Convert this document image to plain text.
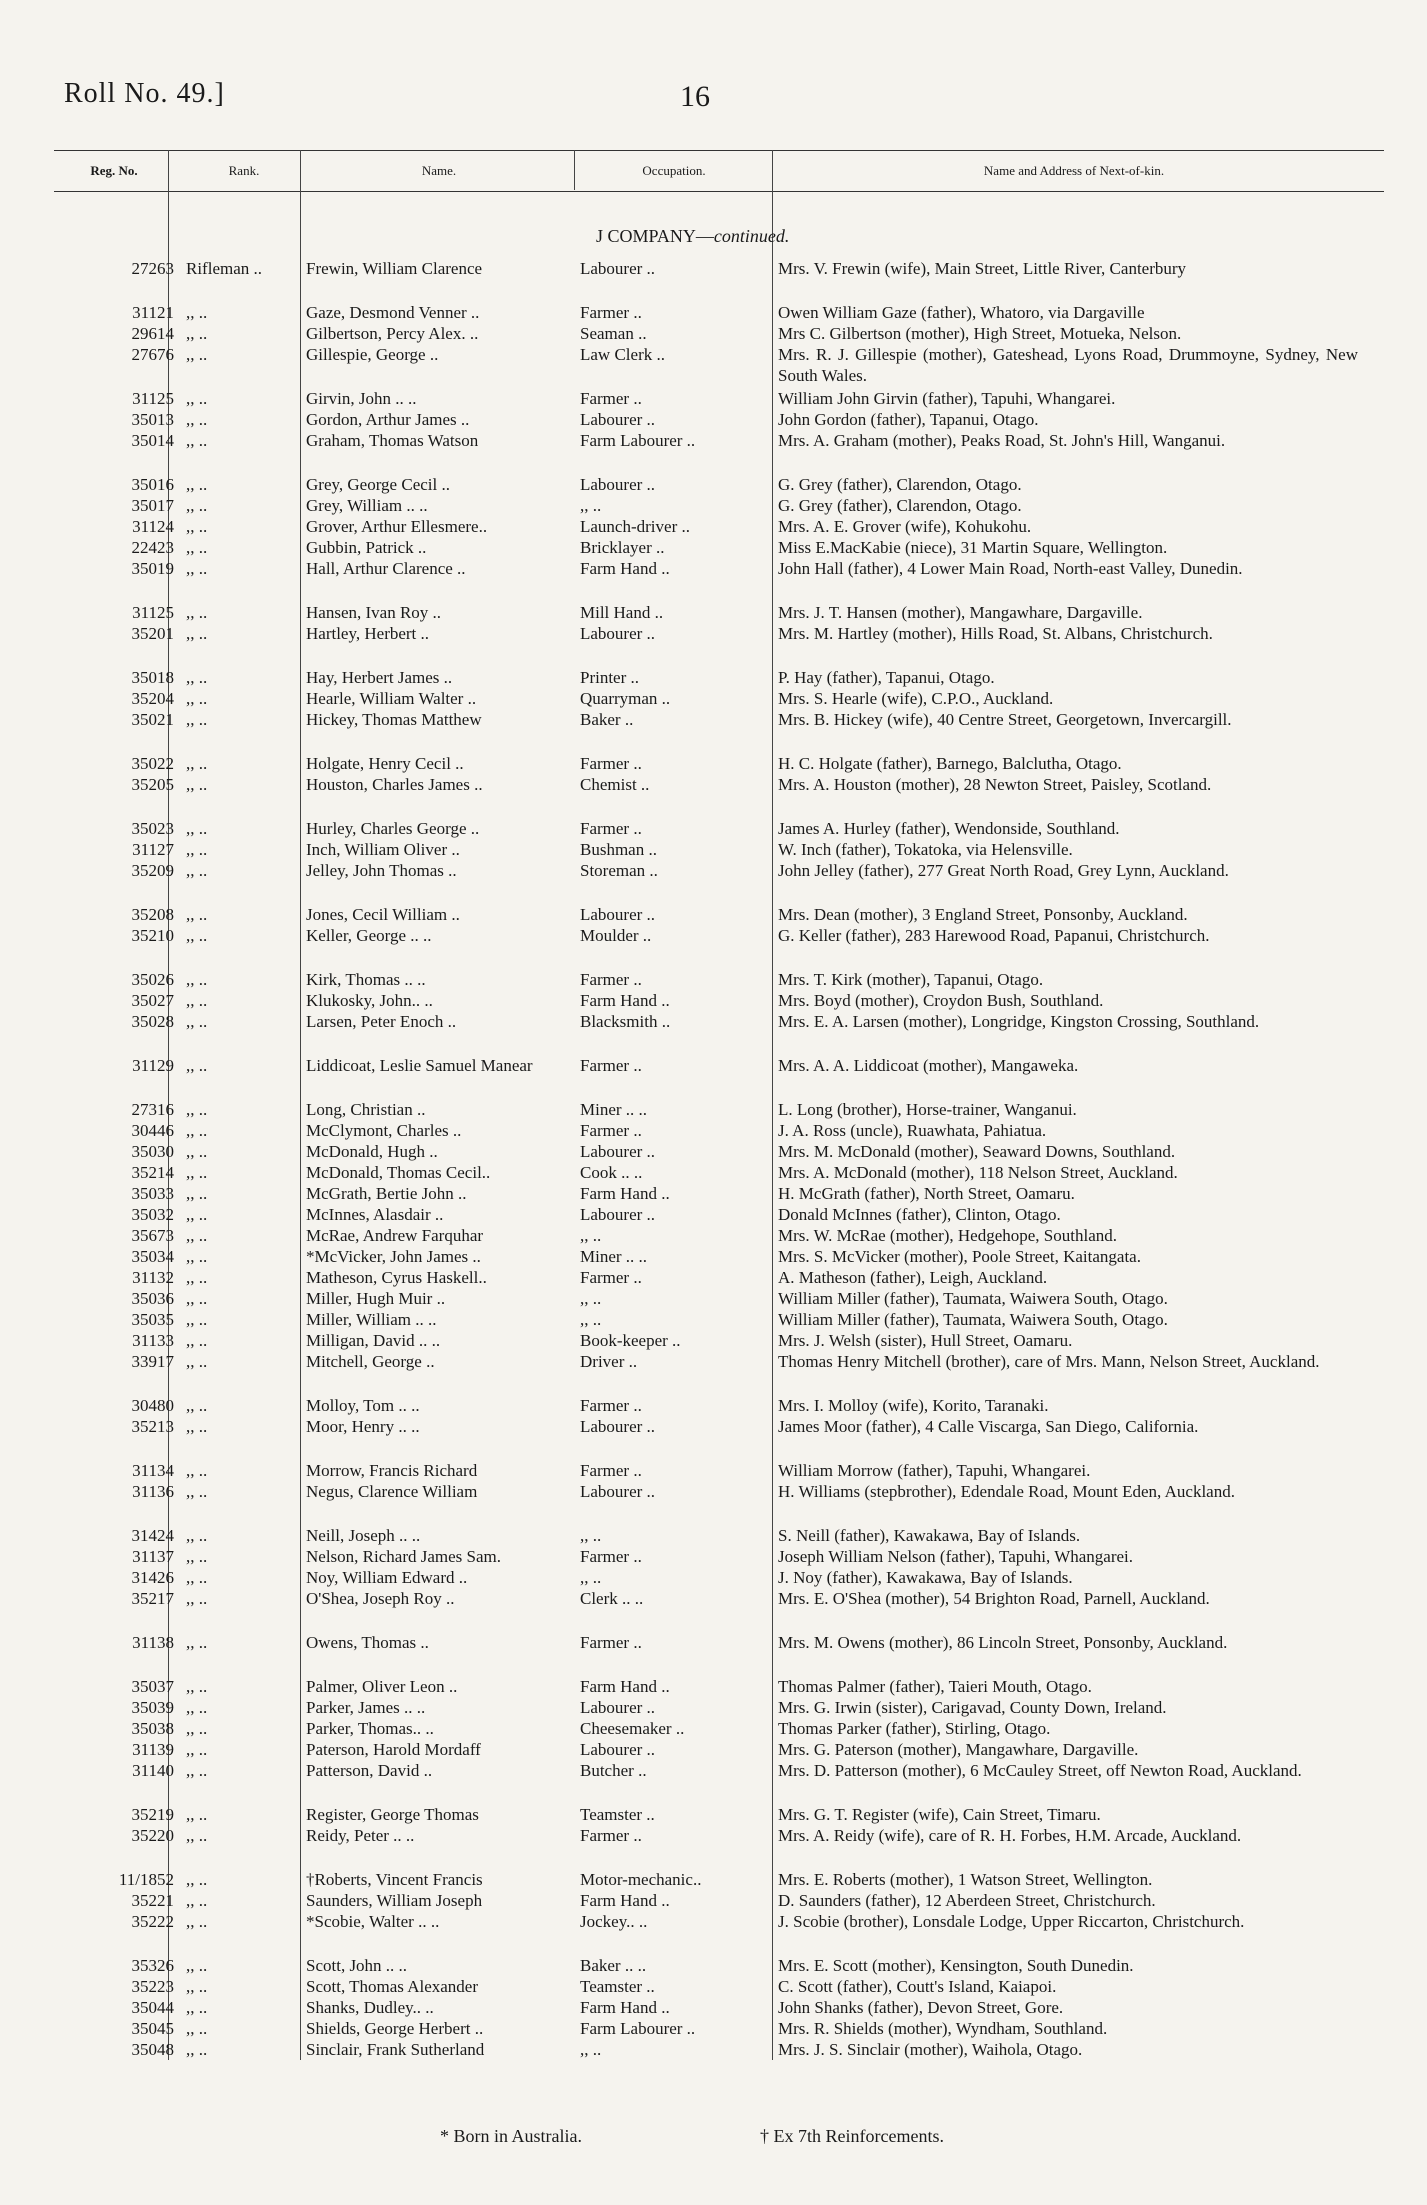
Roll No. 49.]	16
Reg. No.	Rank.	Name.	Occupation.	Name and Address of Next-of-kin.
J COMPANY—continued.
27263 Rifleman ..	Frewin, William Clarence	Labourer ..	Mrs. V. Frewin (wife), Main Street, Little River, Canterbury
31121 ,, ..	Gaze, Desmond Venner ..	Farmer ..	Owen William Gaze (father), Whatoro, via Dargaville
29614 ,, ..	Gilbertson, Percy Alex. ..	Seaman ..	Mrs C. Gilbertson (mother), High Street, Motueka, Nelson.
27676 ,, ..	Gillespie, George ..	Law Clerk ..	Mrs. R. J. Gillespie (mother), Gateshead, Lyons Road, Drummoyne, Sydney, New South Wales.
31125 ,, ..	Girvin, John .. ..	Farmer ..	William John Girvin (father), Tapuhi, Whangarei.
35013 ,, ..	Gordon, Arthur James ..	Labourer ..	John Gordon (father), Tapanui, Otago.
35014 ,, ..	Graham, Thomas Watson	Farm Labourer ..	Mrs. A. Graham (mother), Peaks Road, St. John's Hill, Wanganui.
35016 ,, ..	Grey, George Cecil ..	Labourer ..	G. Grey (father), Clarendon, Otago.
35017 ,, ..	Grey, William .. ..	,, ..	G. Grey (father), Clarendon, Otago.
31124 ,, ..	Grover, Arthur Ellesmere..	Launch-driver ..	Mrs. A. E. Grover (wife), Kohukohu.
22423 ,, ..	Gubbin, Patrick ..	Bricklayer ..	Miss E.MacKabie (niece), 31 Martin Square, Wellington.
35019 ,, ..	Hall, Arthur Clarence ..	Farm Hand ..	John Hall (father), 4 Lower Main Road, North-east Valley, Dunedin.
31125 ,, ..	Hansen, Ivan Roy ..	Mill Hand ..	Mrs. J. T. Hansen (mother), Mangawhare, Dargaville.
35201 ,, ..	Hartley, Herbert ..	Labourer ..	Mrs. M. Hartley (mother), Hills Road, St. Albans, Christchurch.
35018 ,, ..	Hay, Herbert James ..	Printer ..	P. Hay (father), Tapanui, Otago.
35204 ,, ..	Hearle, William Walter ..	Quarryman ..	Mrs. S. Hearle (wife), C.P.O., Auckland.
35021 ,, ..	Hickey, Thomas Matthew	Baker ..	Mrs. B. Hickey (wife), 40 Centre Street, Georgetown, Invercargill.
35022 ,, ..	Holgate, Henry Cecil ..	Farmer ..	H. C. Holgate (father), Barnego, Balclutha, Otago.
35205 ,, ..	Houston, Charles James ..	Chemist ..	Mrs. A. Houston (mother), 28 Newton Street, Paisley, Scotland.
35023 ,, ..	Hurley, Charles George ..	Farmer ..	James A. Hurley (father), Wendonside, Southland.
31127 ,, ..	Inch, William Oliver ..	Bushman ..	W. Inch (father), Tokatoka, via Helensville.
35209 ,, ..	Jelley, John Thomas ..	Storeman ..	John Jelley (father), 277 Great North Road, Grey Lynn, Auckland.
35208 ,, ..	Jones, Cecil William ..	Labourer ..	Mrs. Dean (mother), 3 England Street, Ponsonby, Auckland.
35210 ,, ..	Keller, George .. ..	Moulder ..	G. Keller (father), 283 Harewood Road, Papanui, Christchurch.
35026 ,, ..	Kirk, Thomas .. ..	Farmer ..	Mrs. T. Kirk (mother), Tapanui, Otago.
35027 ,, ..	Klukosky, John.. ..	Farm Hand ..	Mrs. Boyd (mother), Croydon Bush, Southland.
35028 ,, ..	Larsen, Peter Enoch ..	Blacksmith ..	Mrs. E. A. Larsen (mother), Longridge, Kingston Crossing, Southland.
31129 ,, ..	Liddicoat, Leslie Samuel Manear	Farmer ..	Mrs. A. A. Liddicoat (mother), Mangaweka.
27316 ,, ..	Long, Christian ..	Miner .. ..	L. Long (brother), Horse-trainer, Wanganui.
30446 ,, ..	McClymont, Charles ..	Farmer ..	J. A. Ross (uncle), Ruawhata, Pahiatua.
35030 ,, ..	McDonald, Hugh ..	Labourer ..	Mrs. M. McDonald (mother), Seaward Downs, Southland.
35214 ,, ..	McDonald, Thomas Cecil..	Cook .. ..	Mrs. A. McDonald (mother), 118 Nelson Street, Auckland.
35033 ,, ..	McGrath, Bertie John ..	Farm Hand ..	H. McGrath (father), North Street, Oamaru.
35032 ,, ..	McInnes, Alasdair ..	Labourer ..	Donald McInnes (father), Clinton, Otago.
35673 ,, ..	McRae, Andrew Farquhar	,, ..	Mrs. W. McRae (mother), Hedgehope, Southland.
35034 ,, ..	*McVicker, John James ..	Miner .. ..	Mrs. S. McVicker (mother), Poole Street, Kaitangata.
31132 ,, ..	Matheson, Cyrus Haskell..	Farmer ..	A. Matheson (father), Leigh, Auckland.
35036 ,, ..	Miller, Hugh Muir ..	,, ..	William Miller (father), Taumata, Waiwera South, Otago.
35035 ,, ..	Miller, William .. ..	,, ..	William Miller (father), Taumata, Waiwera South, Otago.
31133 ,, ..	Milligan, David .. ..	Book-keeper ..	Mrs. J. Welsh (sister), Hull Street, Oamaru.
33917 ,, ..	Mitchell, George ..	Driver ..	Thomas Henry Mitchell (brother), care of Mrs. Mann, Nelson Street, Auckland.
30480 ,, ..	Molloy, Tom .. ..	Farmer ..	Mrs. I. Molloy (wife), Korito, Taranaki.
35213 ,, ..	Moor, Henry .. ..	Labourer ..	James Moor (father), 4 Calle Viscarga, San Diego, California.
31134 ,, ..	Morrow, Francis Richard	Farmer ..	William Morrow (father), Tapuhi, Whangarei.
31136 ,, ..	Negus, Clarence William	Labourer ..	H. Williams (stepbrother), Edendale Road, Mount Eden, Auckland.
31424 ,, ..	Neill, Joseph .. ..	,, ..	S. Neill (father), Kawakawa, Bay of Islands.
31137 ,, ..	Nelson, Richard James Sam.	Farmer ..	Joseph William Nelson (father), Tapuhi, Whangarei.
31426 ,, ..	Noy, William Edward ..	,, ..	J. Noy (father), Kawakawa, Bay of Islands.
35217 ,, ..	O'Shea, Joseph Roy ..	Clerk .. ..	Mrs. E. O'Shea (mother), 54 Brighton Road, Parnell, Auckland.
31138 ,, ..	Owens, Thomas ..	Farmer ..	Mrs. M. Owens (mother), 86 Lincoln Street, Ponsonby, Auckland.
35037 ,, ..	Palmer, Oliver Leon ..	Farm Hand ..	Thomas Palmer (father), Taieri Mouth, Otago.
35039 ,, ..	Parker, James .. ..	Labourer ..	Mrs. G. Irwin (sister), Carigavad, County Down, Ireland.
35038 ,, ..	Parker, Thomas.. ..	Cheesemaker ..	Thomas Parker (father), Stirling, Otago.
31139 ,, ..	Paterson, Harold Mordaff	Labourer ..	Mrs. G. Paterson (mother), Mangawhare, Dargaville.
31140 ,, ..	Patterson, David ..	Butcher ..	Mrs. D. Patterson (mother), 6 McCauley Street, off Newton Road, Auckland.
35219 ,, ..	Register, George Thomas	Teamster ..	Mrs. G. T. Register (wife), Cain Street, Timaru.
35220 ,, ..	Reidy, Peter .. ..	Farmer ..	Mrs. A. Reidy (wife), care of R. H. Forbes, H.M. Arcade, Auckland.
11/1852 ,, ..	†Roberts, Vincent Francis	Motor-mechanic..	Mrs. E. Roberts (mother), 1 Watson Street, Wellington.
35221 ,, ..	Saunders, William Joseph	Farm Hand ..	D. Saunders (father), 12 Aberdeen Street, Christchurch.
35222 ,, ..	*Scobie, Walter .. ..	Jockey.. ..	J. Scobie (brother), Lonsdale Lodge, Upper Riccarton, Christchurch.
35326 ,, ..	Scott, John .. ..	Baker .. ..	Mrs. E. Scott (mother), Kensington, South Dunedin.
35223 ,, ..	Scott, Thomas Alexander	Teamster ..	C. Scott (father), Coutt's Island, Kaiapoi.
35044 ,, ..	Shanks, Dudley.. ..	Farm Hand ..	John Shanks (father), Devon Street, Gore.
35045 ,, ..	Shields, George Herbert ..	Farm Labourer ..	Mrs. R. Shields (mother), Wyndham, Southland.
35048 ,, ..	Sinclair, Frank Sutherland	,, ..	Mrs. J. S. Sinclair (mother), Waihola, Otago.
* Born in Australia.	† Ex 7th Reinforcements.
